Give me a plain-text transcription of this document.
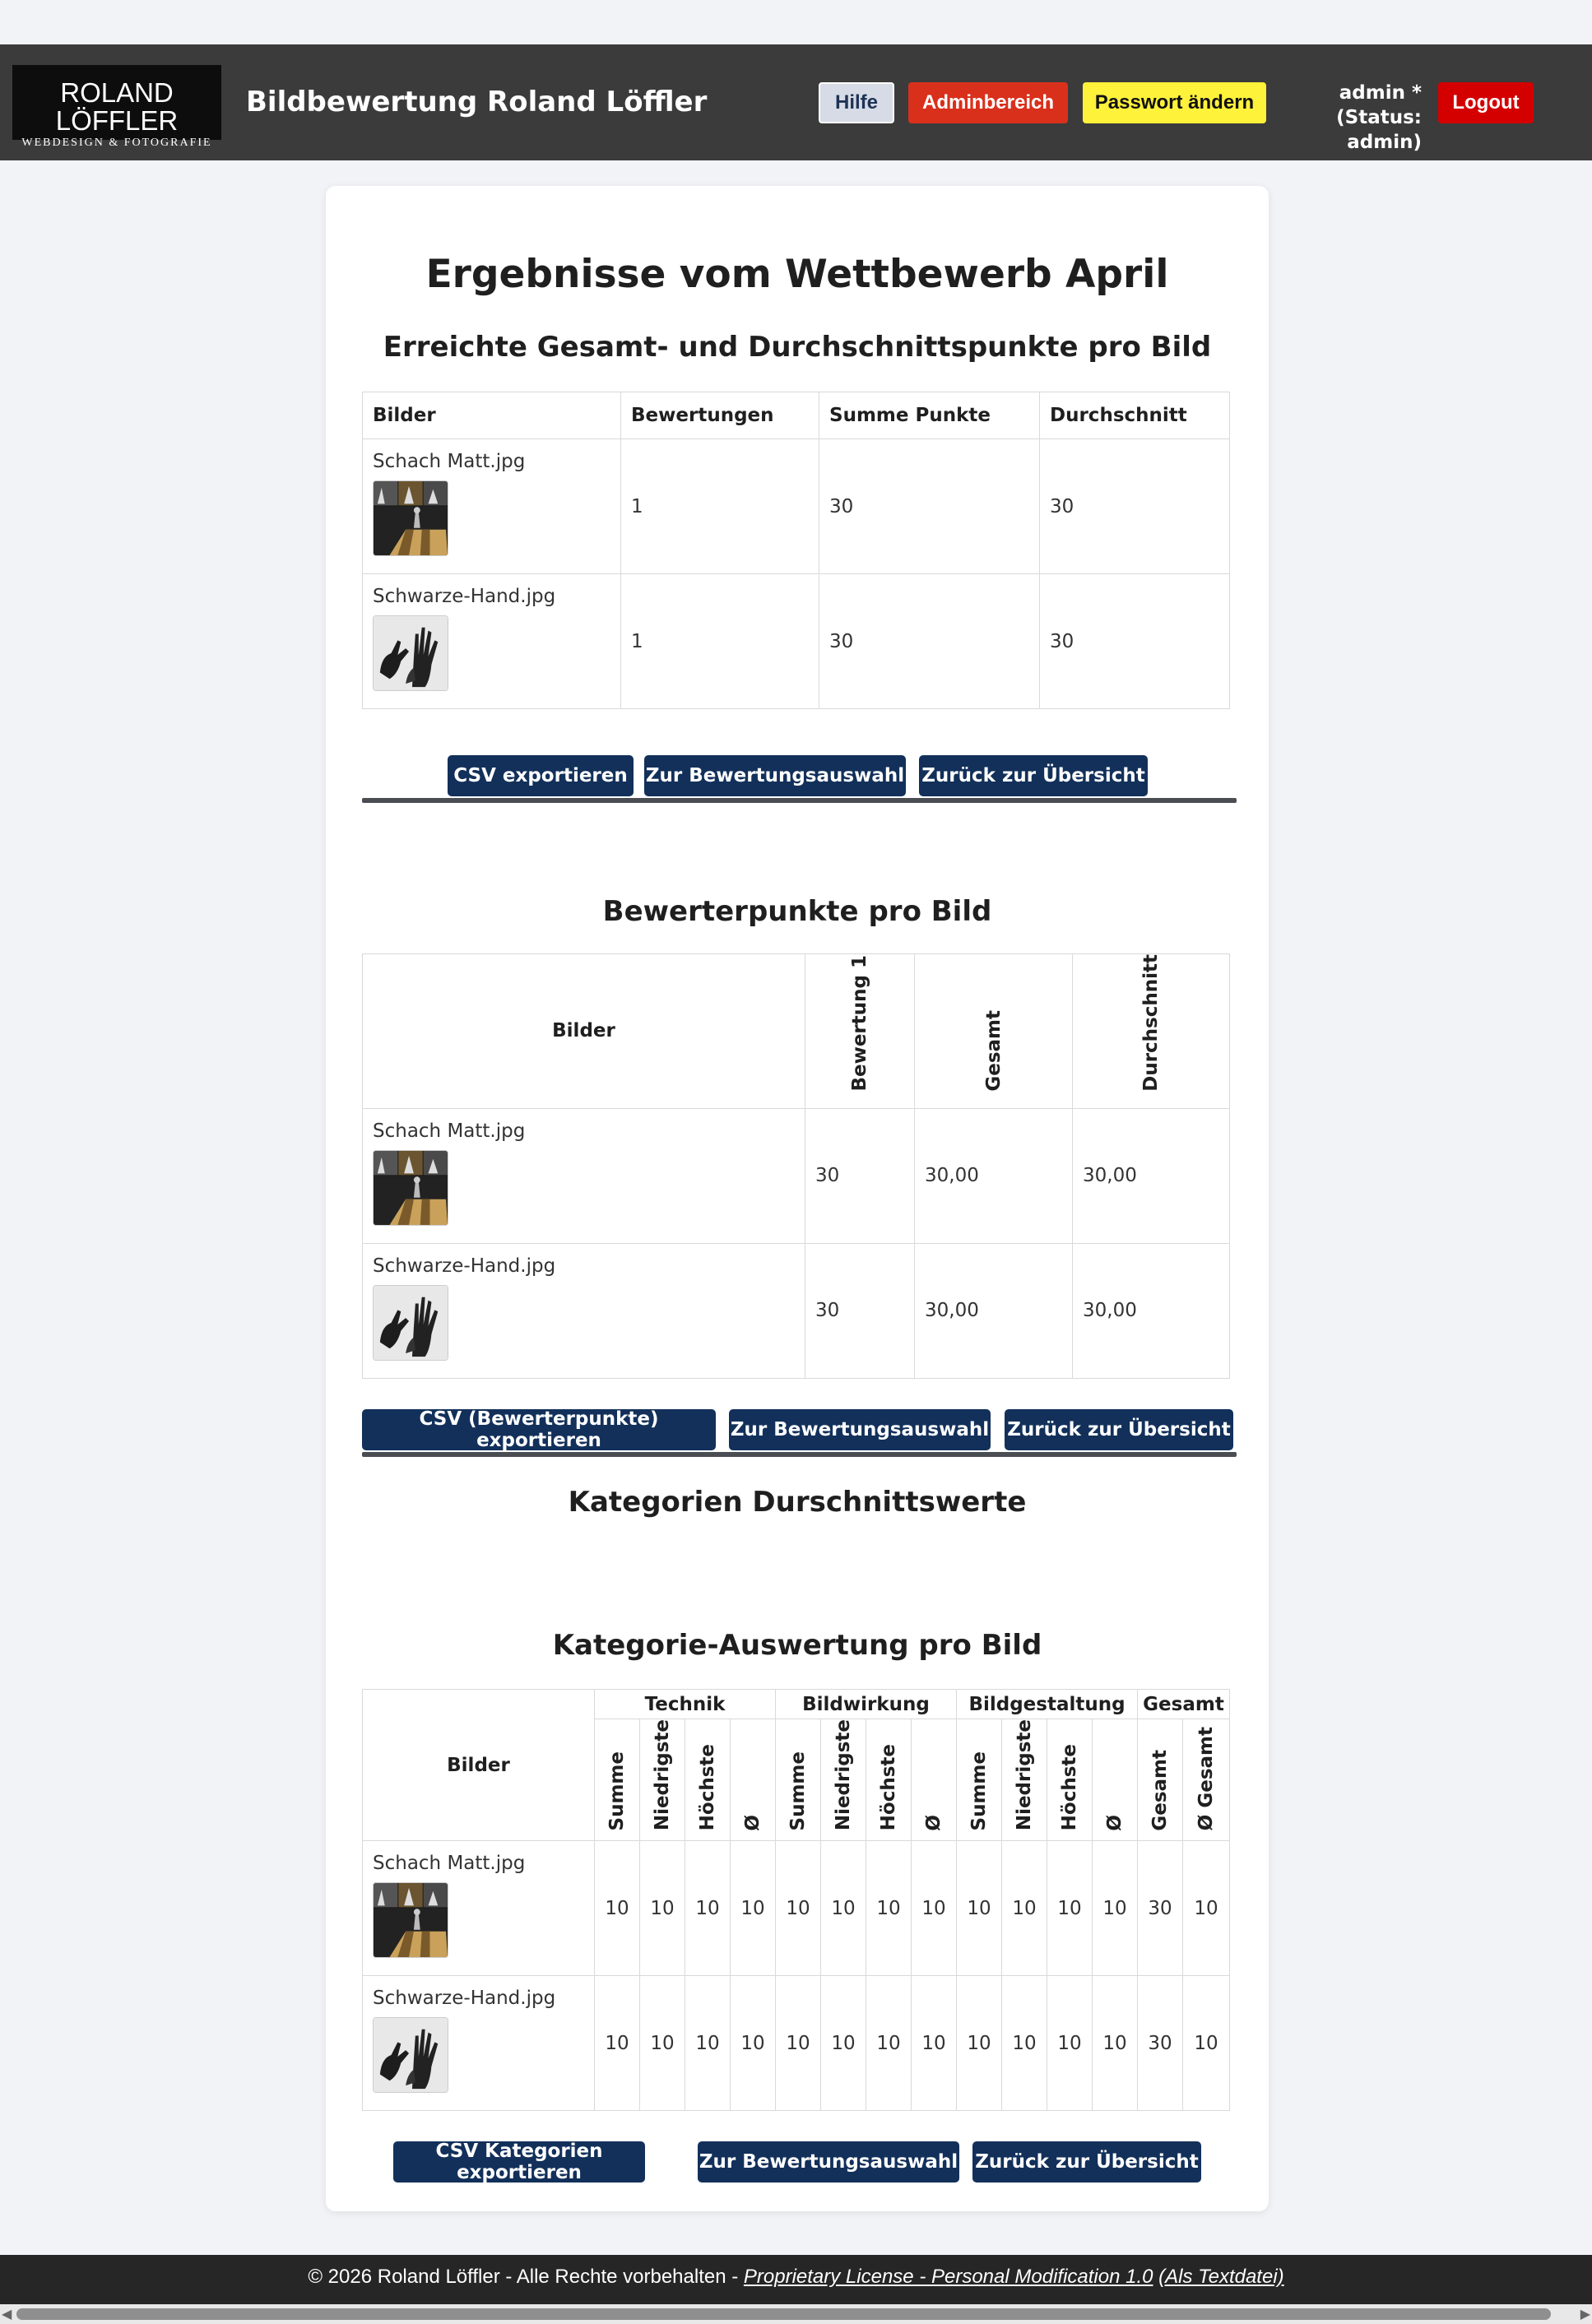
ROLAND LÖFFLER
WEBDESIGN & FOTOGRAFIE
Bildbewertung Roland Löffler	Hilfe	Adminbereich	Passwort ändern	admin *
(Status: admin)
Logout
Ergebnisse vom Wettbewerb April
Erreichte Gesamt- und Durchschnittspunkte pro Bild
Bilder	Bewertungen	Summe Punkte	Durchschnitt

Schach Matt.jpg	1	30	30

Schwarze-Hand.jpg	1	30	30
CSV exportieren Zur Bewertungsauswahl Zurück zur Übersicht
Bewerterpunkte pro Bild
Bilder	Bewertung 1	Gesamt	Durchschnitt

Schach Matt.jpg	30	30,00	30,00

Schwarze-Hand.jpg	30	30,00	30,00
CSV (Bewerterpunkte) exportieren	Zur Bewertungsauswahl Zurück zur Übersicht
Kategorien Durschnittswerte
Kategorie-Auswertung pro Bild
Bilder	Technik				Bildwirkung				Bildgestaltung				Gesamt	
	Summe	Niedrigste	Höchste	Ø	Summe	Niedrigste	Höchste	Ø	Summe	Niedrigste	Höchste	Ø	Gesamt	Ø Gesamt

Schach Matt.jpg	10	10	10	10	10	10	10	10	10	10	10	10	30	10

Schwarze-Hand.jpg	10	10	10	10	10	10	10	10	10	10	10	10	30	10
CSV Kategorien exportieren	Zur Bewertungsauswahl Zurück zur Übersicht
© 2026 Roland Löffler - Alle Rechte vorbehalten - Proprietary License - Personal Modification 1.0 (Als Textdatei)
◀	▶
